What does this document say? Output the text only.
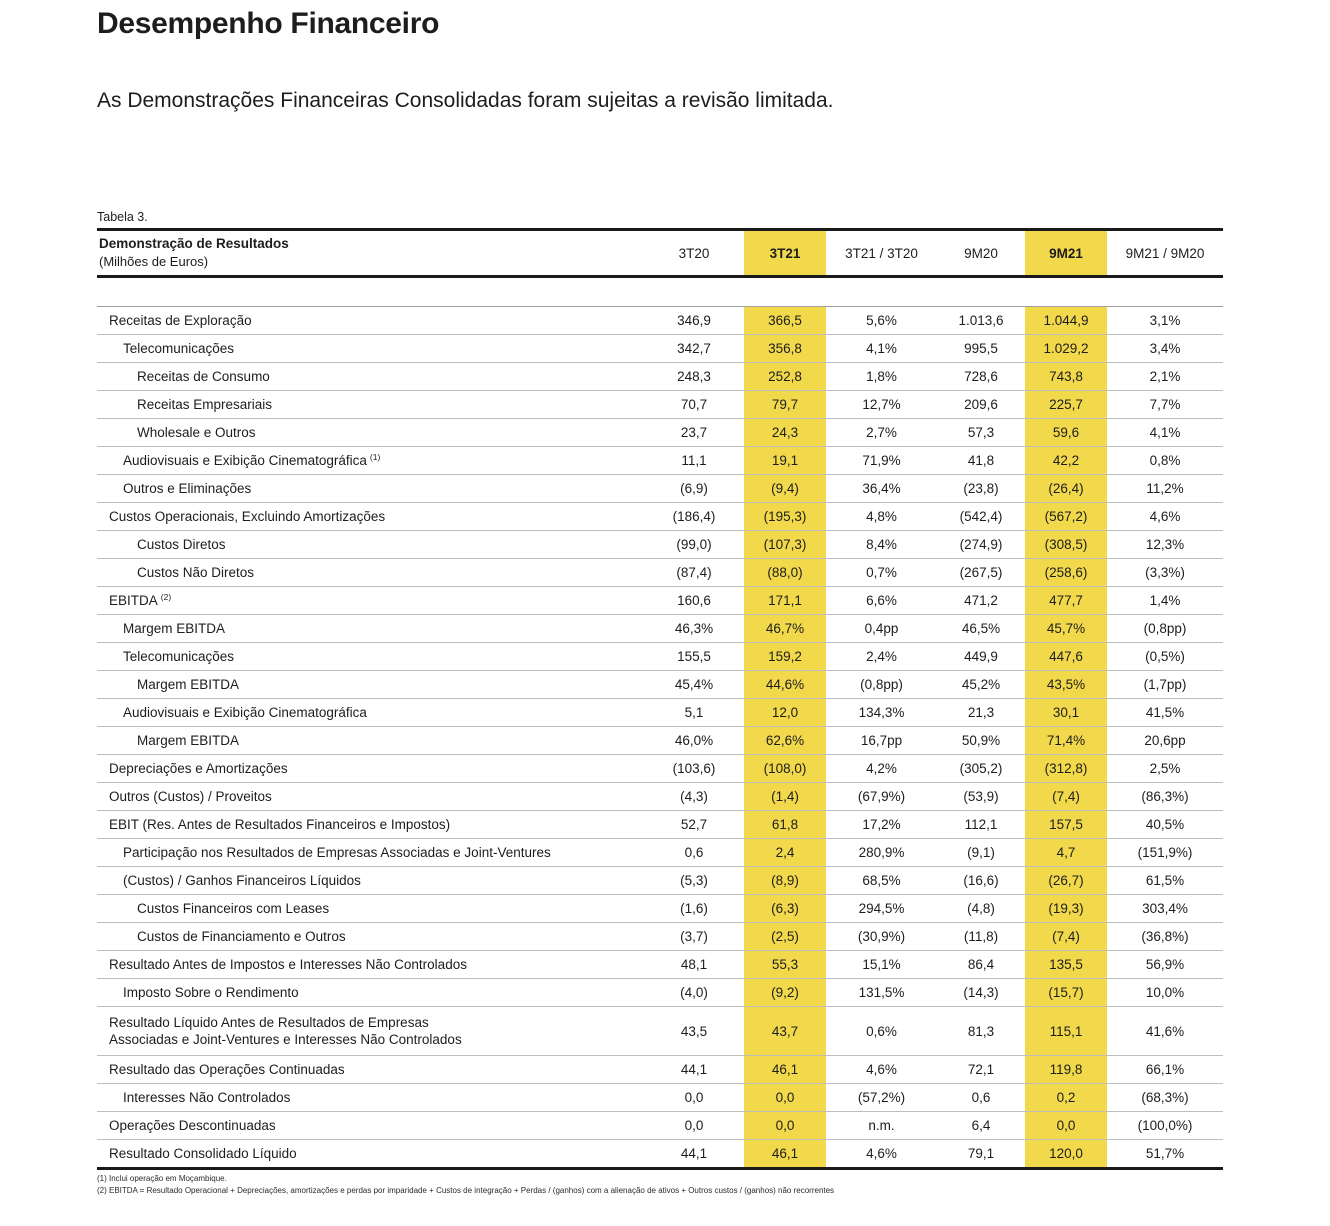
Desempenho Financeiro

As Demonstrações Financeiras Consolidadas foram sujeitas a revisão limitada.

Tabela 3.
Demonstração de Resultados
(Milhões de Euros)
3T20	3T21	3T21 / 3T20	9M20	9M21	9M21 / 9M20
Receitas de Exploração	346,9	366,5	5,6%	1.013,6	1.044,9	3,1%
Telecomunicações	342,7	356,8	4,1%	995,5	1.029,2	3,4%
Receitas de Consumo	248,3	252,8	1,8%	728,6	743,8	2,1%
Receitas Empresariais	70,7	79,7	12,7%	209,6	225,7	7,7%
Wholesale e Outros	23,7	24,3	2,7%	57,3	59,6	4,1%
Audiovisuais e Exibição Cinematográfica $^{(1)}$	11,1	19,1	71,9%	41,8	42,2	0,8%
Outros e Eliminações	(6,9)	(9,4)	36,4%	(23,8)	(26,4)	11,2%
Custos Operacionais, Excluindo Amortizações	(186,4)	(195,3)	4,8%	(542,4)	(567,2)	4,6%
Custos Diretos	(99,0)	(107,3)	8,4%	(274,9)	(308,5)	12,3%
Custos Não Diretos	(87,4)	(88,0)	0,7%	(267,5)	(258,6)	(3,3%)
EBITDA $^{(2)}$	160,6	171,1	6,6%	471,2	477,7	1,4%
Margem EBITDA	46,3%	46,7%	0,4pp	46,5%	45,7%	(0,8pp)
Telecomunicações	155,5	159,2	2,4%	449,9	447,6	(0,5%)
Margem EBITDA	45,4%	44,6%	(0,8pp)	45,2%	43,5%	(1,7pp)
Audiovisuais e Exibição Cinematográfica	5,1	12,0	134,3%	21,3	30,1	41,5%
Margem EBITDA	46,0%	62,6%	16,7pp	50,9%	71,4%	20,6pp
Depreciações e Amortizações	(103,6)	(108,0)	4,2%	(305,2)	(312,8)	2,5%
Outros (Custos) / Proveitos	(4,3)	(1,4)	(67,9%)	(53,9)	(7,4)	(86,3%)
EBIT (Res. Antes de Resultados Financeiros e Impostos)	52,7	61,8	17,2%	112,1	157,5	40,5%
Participação nos Resultados de Empresas Associadas e Joint-Ventures	0,6	2,4	280,9%	(9,1)	4,7	(151,9%)
(Custos) / Ganhos Financeiros Líquidos	(5,3)	(8,9)	68,5%	(16,6)	(26,7)	61,5%
Custos Financeiros com Leases	(1,6)	(6,3)	294,5%	(4,8)	(19,3)	303,4%
Custos de Financiamento e Outros	(3,7)	(2,5)	(30,9%)	(11,8)	(7,4)	(36,8%)
Resultado Antes de Impostos e Interesses Não Controlados	48,1	55,3	15,1%	86,4	135,5	56,9%
Imposto Sobre o Rendimento	(4,0)	(9,2)	131,5%	(14,3)	(15,7)	10,0%
Resultado Líquido Antes de Resultados de Empresas
Associadas e Joint-Ventures e Interesses Não Controlados
43,5	43,7	0,6%	81,3	115,1	41,6%
Resultado das Operações Continuadas	44,1	46,1	4,6%	72,1	119,8	66,1%
Interesses Não Controlados	0,0	0,0	(57,2%)	0,6	0,2	(68,3%)
Operações Descontinuadas	0,0	0,0	n.m.	6,4	0,0	(100,0%)
Resultado Consolidado Líquido	44,1	46,1	4,6%	79,1	120,0	51,7%
(1) Inclui operação em Moçambique.
(2) EBITDA = Resultado Operacional + Depreciações, amortizações e perdas por imparidade + Custos de integração + Perdas / (ganhos) com a alienação de ativos + Outros custos / (ganhos) não recorrentes
